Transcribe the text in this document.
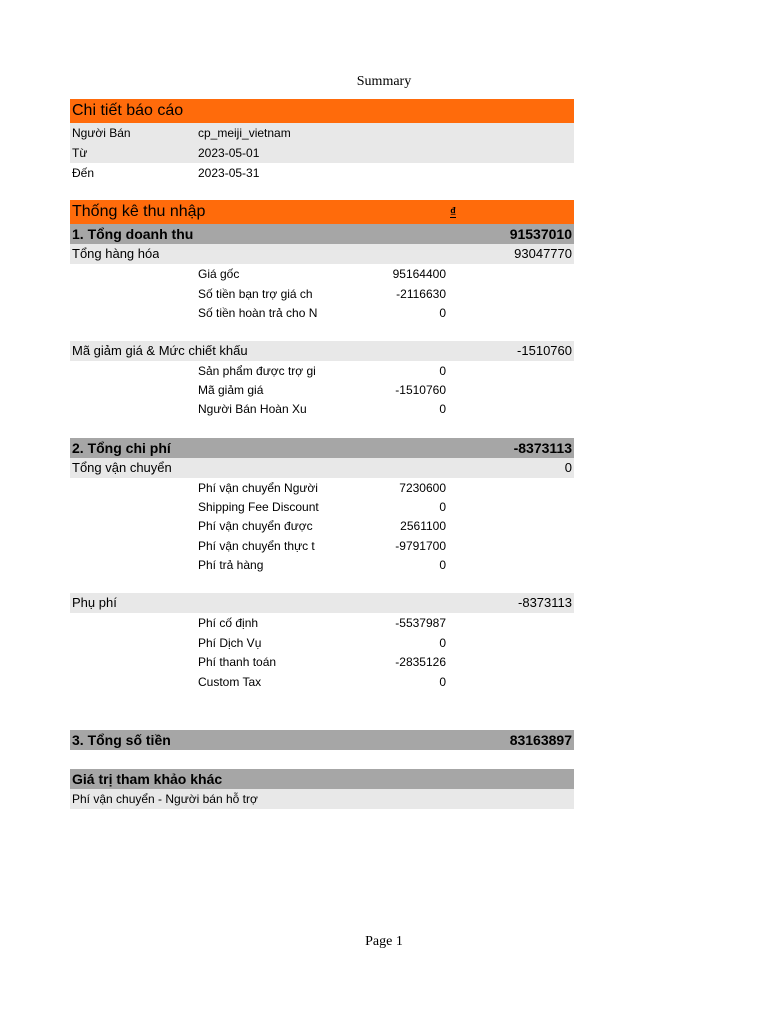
Summary
Chi tiết báo cáo
Người Bán	cp_meiji_vietnam
Từ	2023-05-01
Đến	2023-05-31
Thống kê thu nhập	₫
1. Tổng doanh thu	91537010
Tổng hàng hóa	93047770
Giá gốc	95164400
Số tiền bạn trợ giá ch	-2116630
Số tiền hoàn trả cho N	0
Mã giảm giá & Mức chiết khấu	-1510760
Sản phẩm được trợ gi	0
Mã giảm giá	-1510760
Người Bán Hoàn Xu	0
2. Tổng chi phí	-8373113
Tổng vận chuyển	0
Phí vận chuyển Người	7230600
Shipping Fee Discount	0
Phí vận chuyển được	2561100
Phí vận chuyển thực t	-9791700
Phí trả hàng	0
Phụ phí	-8373113
Phí cố định	-5537987
Phí Dịch Vụ	0
Phí thanh toán	-2835126
Custom Tax	0
3. Tổng số tiền	83163897
Giá trị tham khảo khác
Phí vận chuyển - Người bán hỗ trợ
Page 1
